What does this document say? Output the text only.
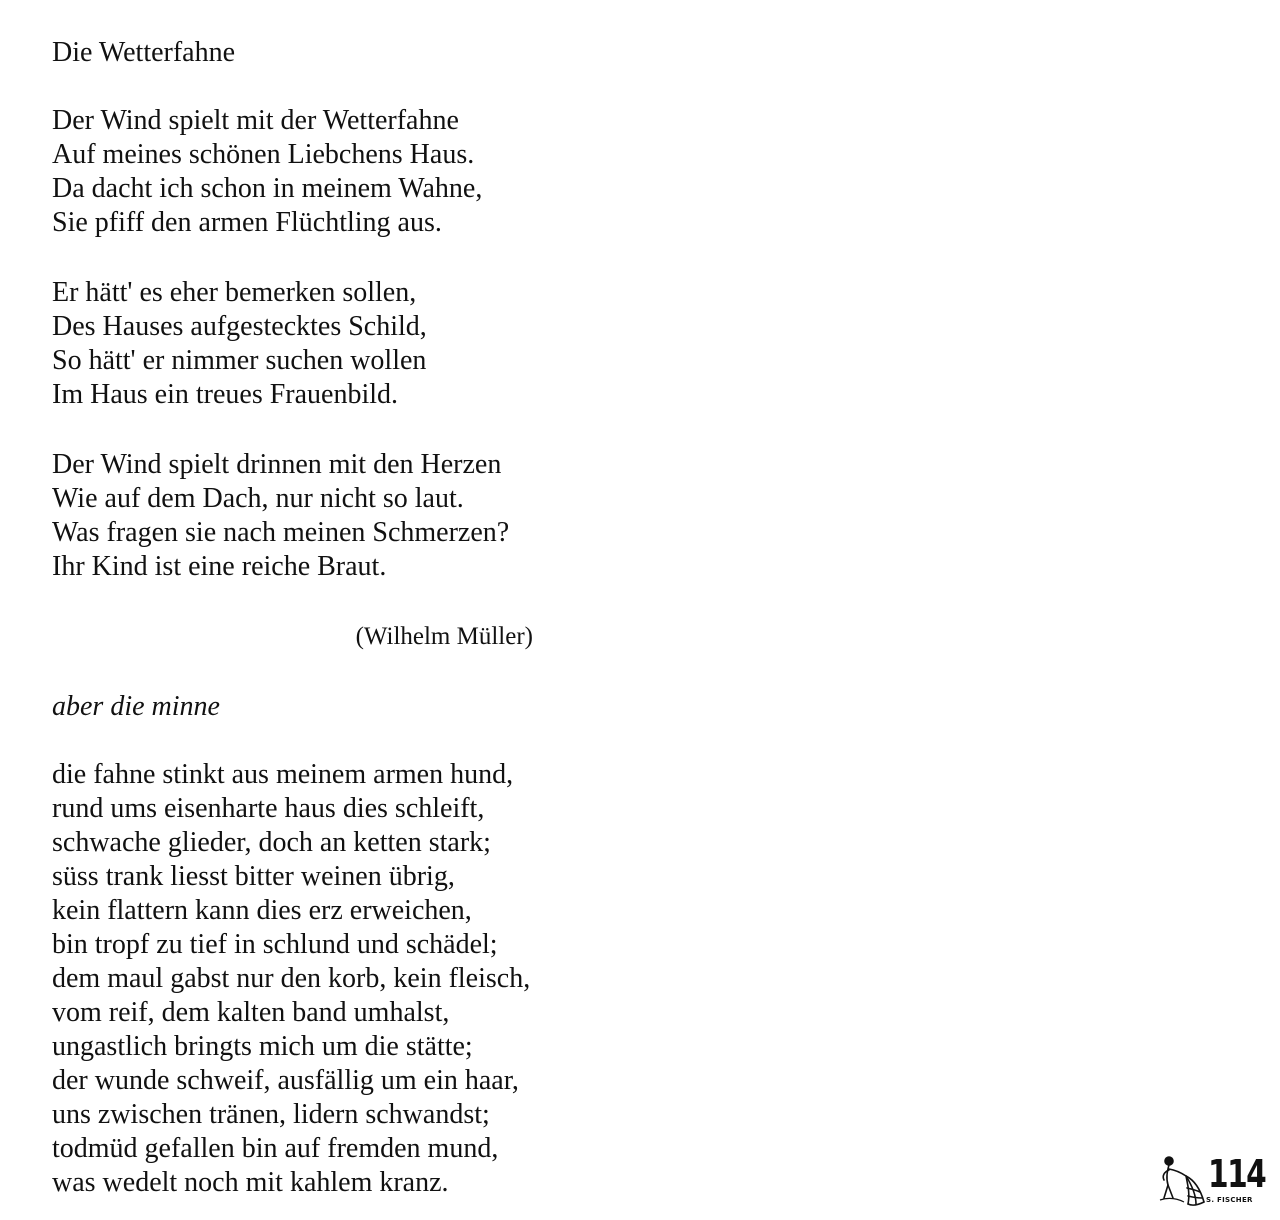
Die Wetterfahne
Der Wind spielt mit der Wetterfahne
Auf meines schönen Liebchens Haus.
Da dacht ich schon in meinem Wahne,
Sie pfiff den armen Flüchtling aus.
Er hätt' es eher bemerken sollen,
Des Hauses aufgestecktes Schild,
So hätt' er nimmer suchen wollen
Im Haus ein treues Frauenbild.
Der Wind spielt drinnen mit den Herzen
Wie auf dem Dach, nur nicht so laut.
Was fragen sie nach meinen Schmerzen?
Ihr Kind ist eine reiche Braut.
(Wilhelm Müller)
aber die minne
die fahne stinkt aus meinem armen hund,
rund ums eisenharte haus dies schleift,
schwache glieder, doch an ketten stark;
süss trank liesst bitter weinen übrig,
kein flattern kann dies erz erweichen,
bin tropf zu tief in schlund und schädel;
dem maul gabst nur den korb, kein fleisch,
vom reif, dem kalten band umhalst,
ungastlich bringts mich um die stätte;
der wunde schweif, ausfällig um ein haar,
uns zwischen tränen, lidern schwandst;
todmüd gefallen bin auf fremden mund,
was wedelt noch mit kahlem kranz.	114
S. FISCHER
